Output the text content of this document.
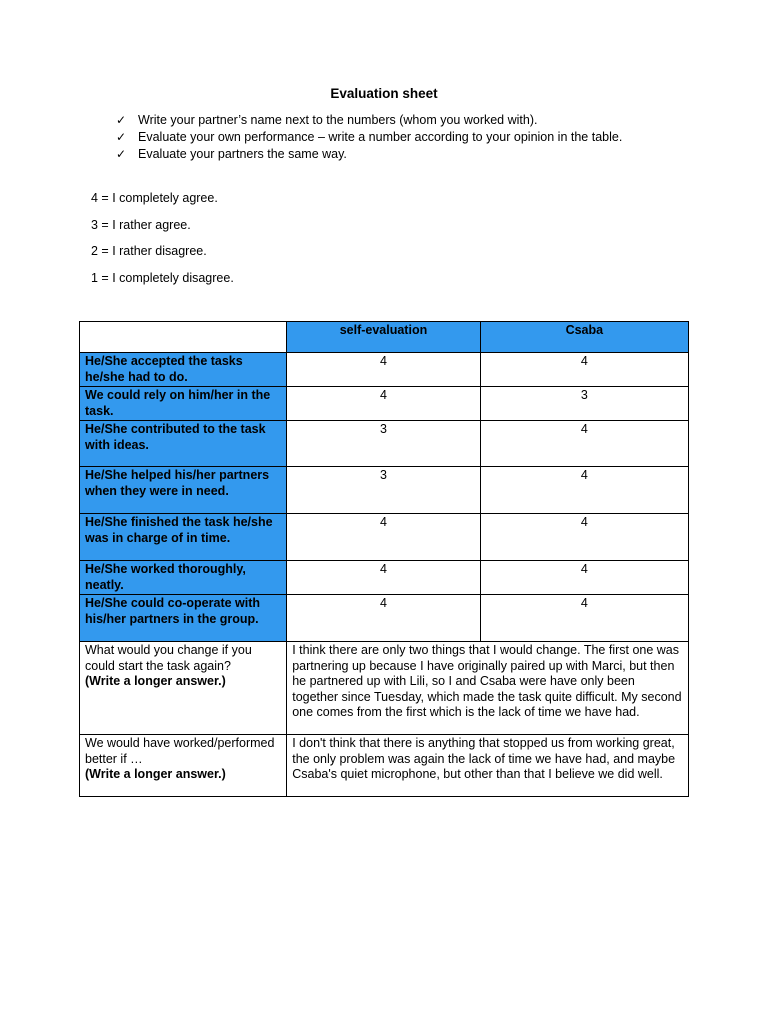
Evaluation sheet
✓ Write your partner’s name next to the numbers (whom you worked with).
✓ Evaluate your own performance – write a number according to your opinion in the table.
✓ Evaluate your partners the same way.
4 = I completely agree.
3 = I rather agree.
2 = I rather disagree.
1 = I completely disagree.
	self-evaluation	Csaba
He/She accepted the tasks he/she had to do.	4	4
We could rely on him/her in the task.	4	3
He/She contributed to the task with ideas.	3	4
He/She helped his/her partners when they were in need.	3	4
He/She finished the task he/she was in charge of in time.	4	4
He/She worked thoroughly, neatly.	4	4
He/She could co-operate with his/her partners in the group.	4	4
What would you change if you could start the task again?
(Write a longer answer.)	I think there are only two things that I would change. The first one was partnering up because I have originally paired up with Marci, but then he partnered up with Lili, so I and Csaba were have only been together since Tuesday, which made the task quite difficult. My second one comes from the first which is the lack of time we have had.	
We would have worked/performed better if …
(Write a longer answer.)	I don't think that there is anything that stopped us from working great, the only problem was again the lack of time we have had, and maybe Csaba's quiet microphone, but other than that I believe we did well.	
